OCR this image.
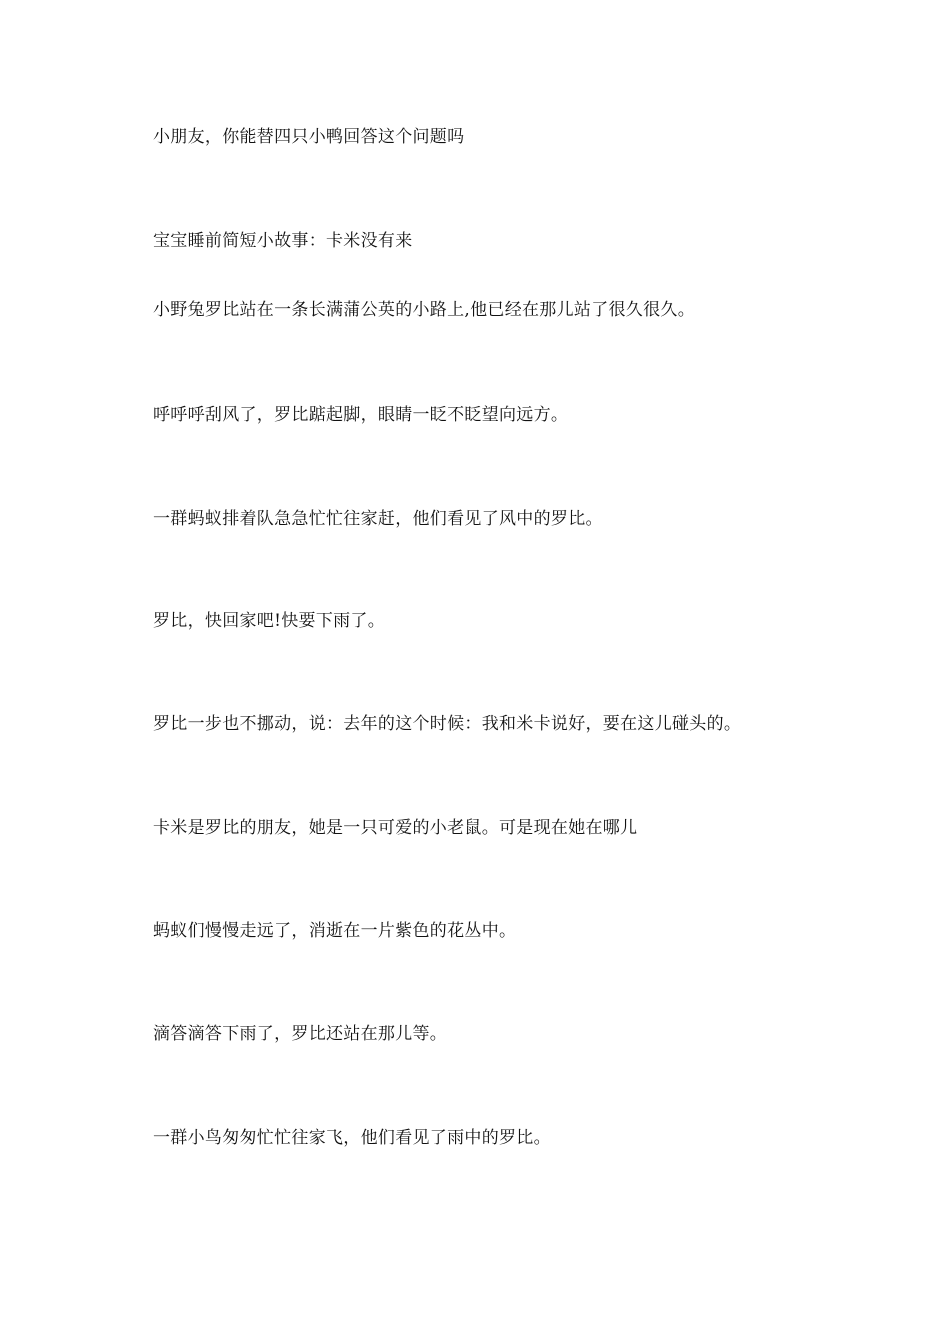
小朋友，你能替四只小鸭回答这个问题吗
宝宝睡前简短小故事：卡米没有来
小野兔罗比站在一条长满蒲公英的小路上,他已经在那儿站了很久很久。
呼呼呼刮风了，罗比踮起脚，眼睛一眨不眨望向远方。
一群蚂蚁排着队急急忙忙往家赶，他们看见了风中的罗比。
罗比，快回家吧!快要下雨了。
罗比一步也不挪动，说：去年的这个时候：我和米卡说好，要在这儿碰头的。
卡米是罗比的朋友，她是一只可爱的小老鼠。可是现在她在哪儿
蚂蚁们慢慢走远了，消逝在一片紫色的花丛中。
滴答滴答下雨了，罗比还站在那儿等。
一群小鸟匆匆忙忙往家飞，他们看见了雨中的罗比。
